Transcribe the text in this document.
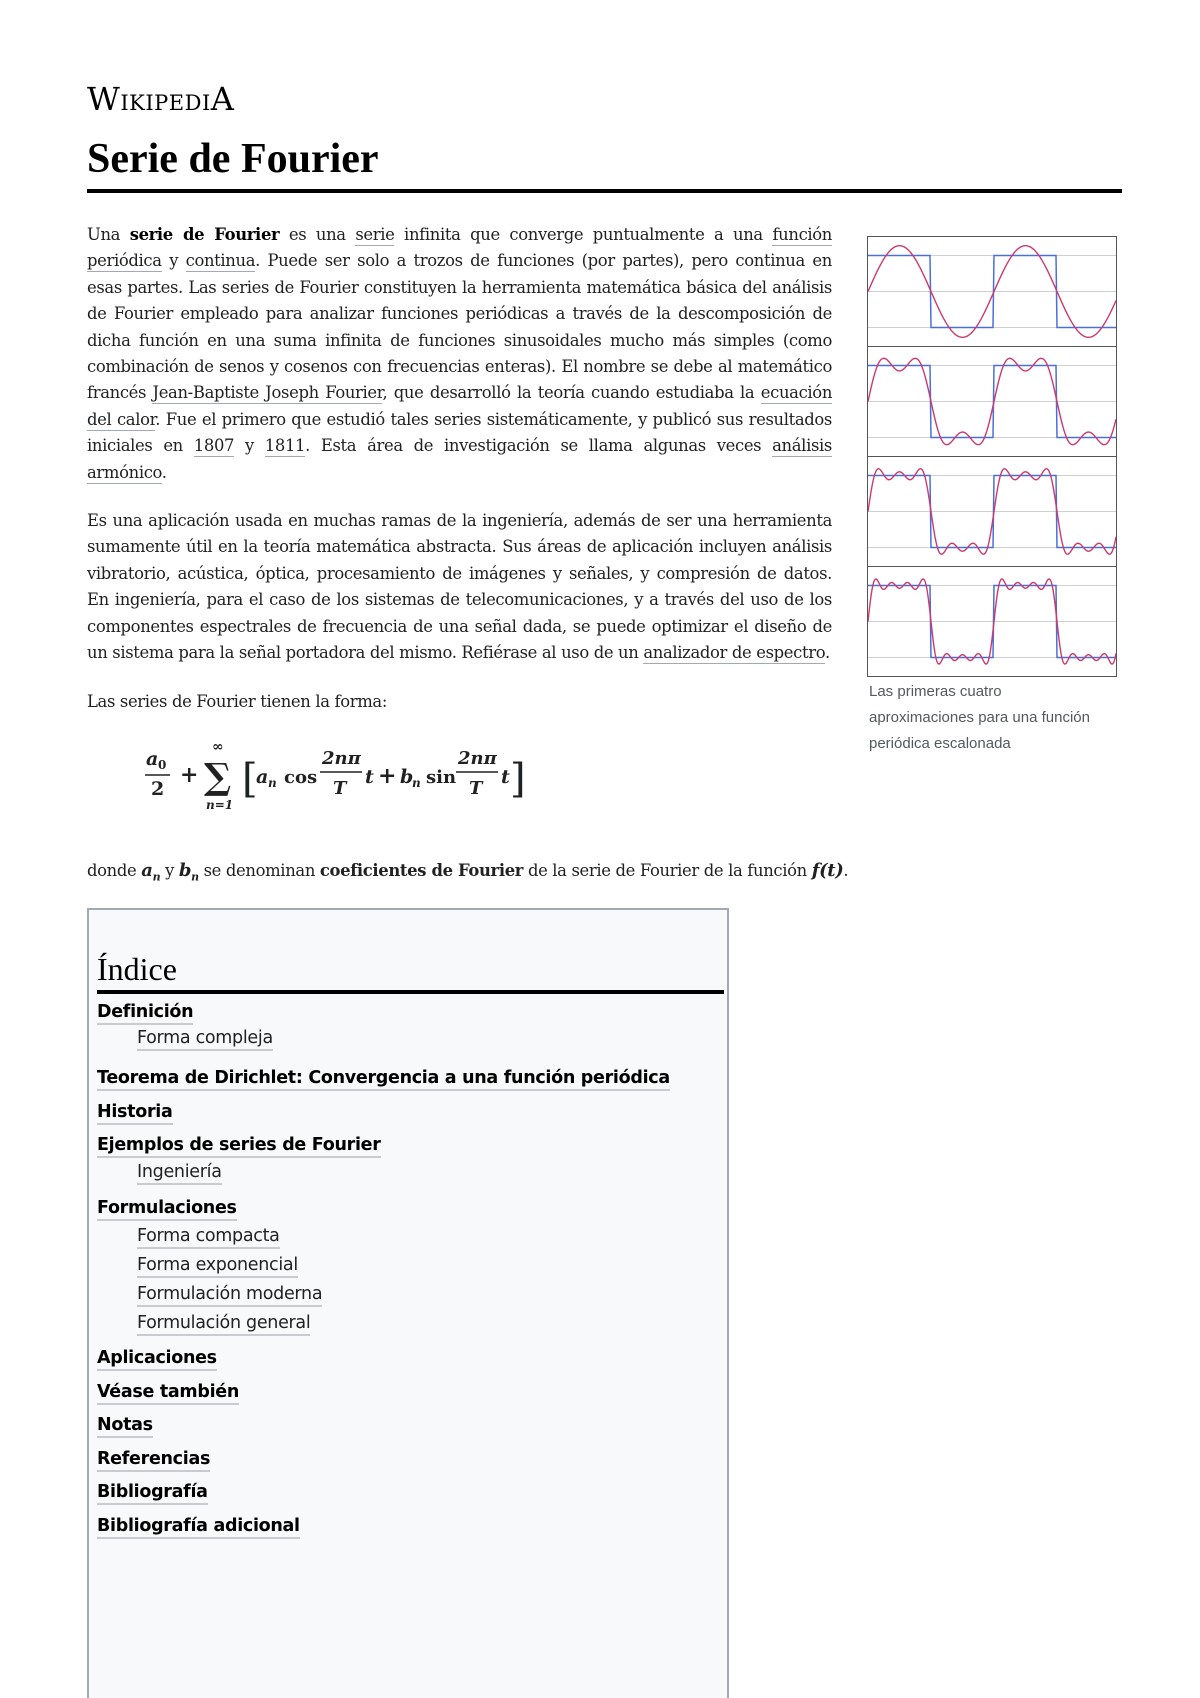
WikipediA
Serie de Fourier

Una serie de Fourier es una serie infinita que converge puntualmente a una función periódica y continua. Puede ser solo a trozos de funciones (por partes), pero continua en esas partes. Las series de Fourier constituyen la herramienta matemática básica del análisis de Fourier empleado para analizar funciones periódicas a través de la descomposición de dicha función en una suma infinita de funciones sinusoidales mucho más simples (como combinación de senos y cosenos con frecuencias enteras). El nombre se debe al matemático francés Jean-Baptiste Joseph Fourier, que desarrolló la teoría cuando estudiaba la ecuación del calor. Fue el primero que estudió tales series sistemáticamente, y publicó sus resultados iniciales en 1807 y 1811. Esta área de investigación se llama algunas veces análisis armónico.

Es una aplicación usada en muchas ramas de la ingeniería, además de ser una herramienta sumamente útil en la teoría matemática abstracta. Sus áreas de aplicación incluyen análisis vibratorio, acústica, óptica, procesamiento de imágenes y señales, y compresión de datos. En ingeniería, para el caso de los sistemas de telecomunicaciones, y a través del uso de los componentes espectrales de frecuencia de una señal dada, se puede optimizar el diseño de un sistema para la señal portadora del mismo. Refiérase al uso de un analizador de espectro.

Las series de Fourier tienen la forma:

a 0
2
+ ∑
∞
n=1
[
a n cos
2nπ
T
t + b
n sin
2nπ
T
t ]
donde $a_n$ y $b_n$ se denominan coeficientes de Fourier de la serie de Fourier de la función f(t).
Las primeras cuatro aproximaciones para una función periódica escalonada
Índice
Definición
Forma compleja
Teorema de Dirichlet: Convergencia a una función periódica
Historia
Ejemplos de series de Fourier
Ingeniería
Formulaciones
Forma compacta
Forma exponencial
Formulación moderna
Formulación general
Aplicaciones
Véase también
Notas
Referencias
Bibliografía
Bibliografía adicional
